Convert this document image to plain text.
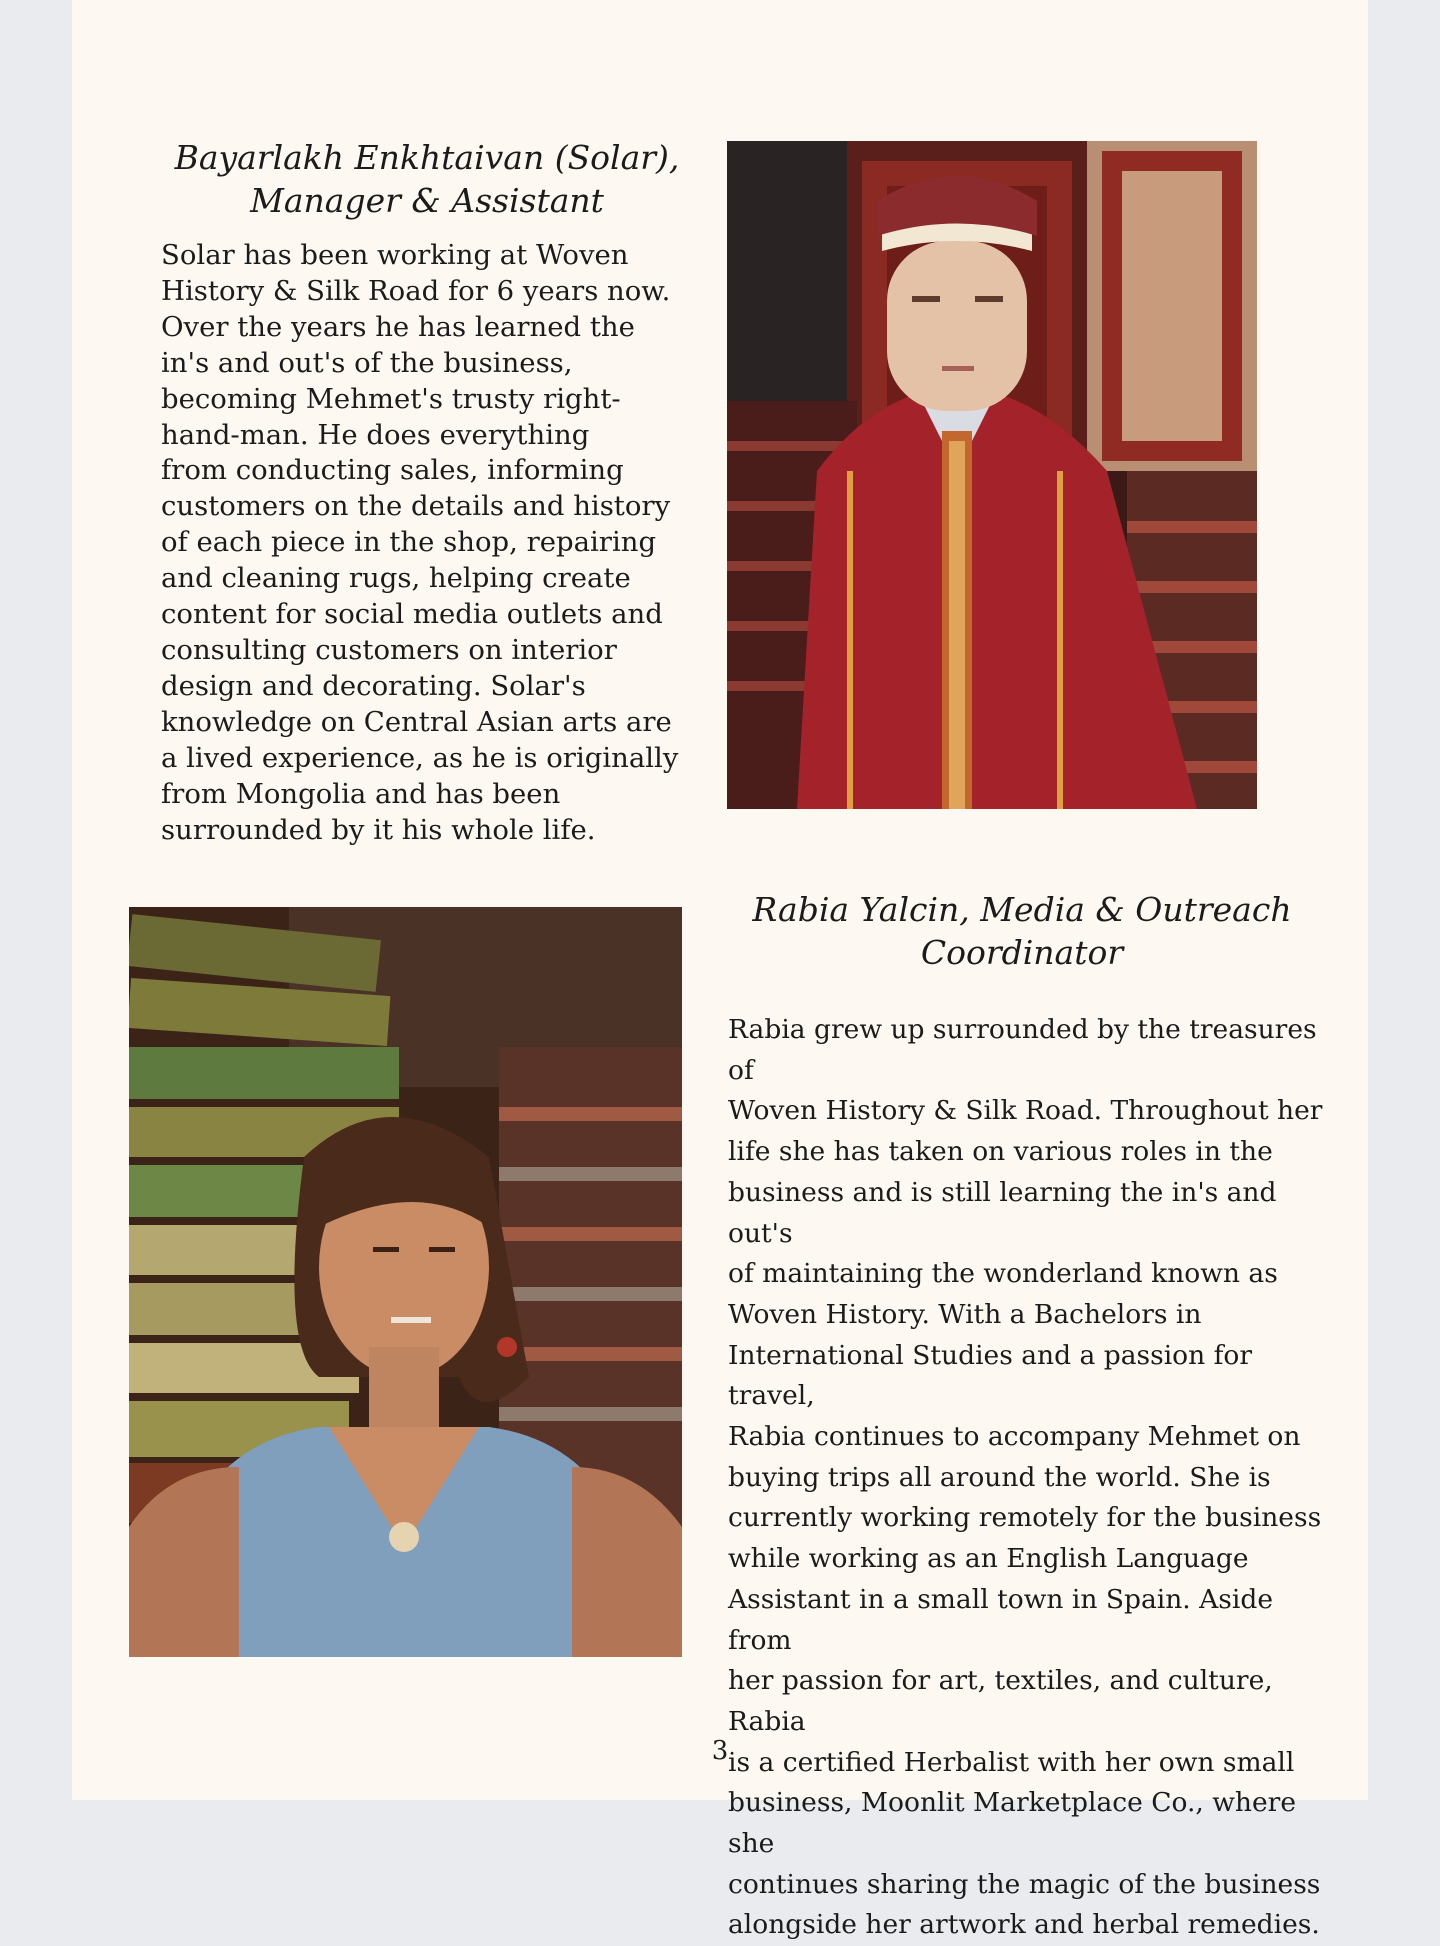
Bayarlakh Enkhtaivan (Solar),
Manager & Assistant

Solar has been working at Woven
History & Silk Road for 6 years now.
Over the years he has learned the
in's and out's of the business,
becoming Mehmet's trusty right-
hand-man. He does everything
from conducting sales, informing
customers on the details and history
of each piece in the shop, repairing
and cleaning rugs, helping create
content for social media outlets and
consulting customers on interior
design and decorating. Solar's
knowledge on Central Asian arts are
a lived experience, as he is originally
from Mongolia and has been
surrounded by it his whole life.

Rabia Yalcin, Media & Outreach
Coordinator

Rabia grew up surrounded by the treasures of
Woven History & Silk Road. Throughout her
life she has taken on various roles in the
business and is still learning the in's and out's
of maintaining the wonderland known as
Woven History. With a Bachelors in
International Studies and a passion for travel,
Rabia continues to accompany Mehmet on
buying trips all around the world. She is
currently working remotely for the business
while working as an English Language
Assistant in a small town in Spain. Aside from
her passion for art, textiles, and culture, Rabia
is a certified Herbalist with her own small
business, Moonlit Marketplace Co., where she
continues sharing the magic of the business
alongside her artwork and herbal remedies.

3
